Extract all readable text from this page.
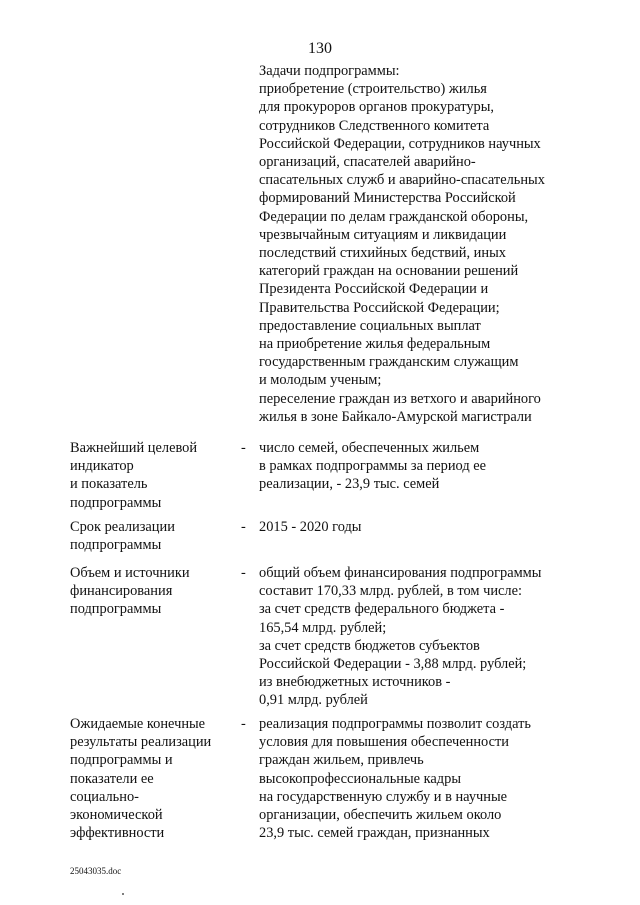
130

Задачи подпрограммы:

приобретение (строительство) жилья

для прокуроров органов прокуратуры,

сотрудников Следственного комитета

Российской Федерации, сотрудников научных

организаций, спасателей аварийно-

спасательных служб и аварийно-спасательных

формирований Министерства Российской

Федерации по делам гражданской обороны,

чрезвычайным ситуациям и ликвидации

последствий стихийных бедствий, иных

категорий граждан на основании решений

Президента Российской Федерации и

Правительства Российской Федерации;

предоставление социальных выплат

на приобретение жилья федеральным

государственным гражданским служащим

и молодым ученым;

переселение граждан из ветхого и аварийного

жилья в зоне Байкало-Амурской магистрали

Важнейший целевой

индикатор

и показатель

подпрограммы

- число семей, обеспеченных жильем

в рамках подпрограммы за период ее

реализации, - 23,9 тыс. семей

Срок реализации

подпрограммы

- 2015 - 2020 годы

Объем и источники

финансирования

подпрограммы

- общий объем финансирования подпрограммы

составит 170,33 млрд. рублей, в том числе:

за счет средств федерального бюджета -

165,54 млрд. рублей;

за счет средств бюджетов субъектов

Российской Федерации - 3,88 млрд. рублей;

из внебюджетных источников -

0,91 млрд. рублей

Ожидаемые конечные

результаты реализации

подпрограммы и

показатели ее

социально-

экономической

эффективности

- реализация подпрограммы позволит создать

условия для повышения обеспеченности

граждан жильем, привлечь

высокопрофессиональные кадры

на государственную службу и в научные

организации, обеспечить жильем около

23,9 тыс. семей граждан, признанных

25043035.doc
